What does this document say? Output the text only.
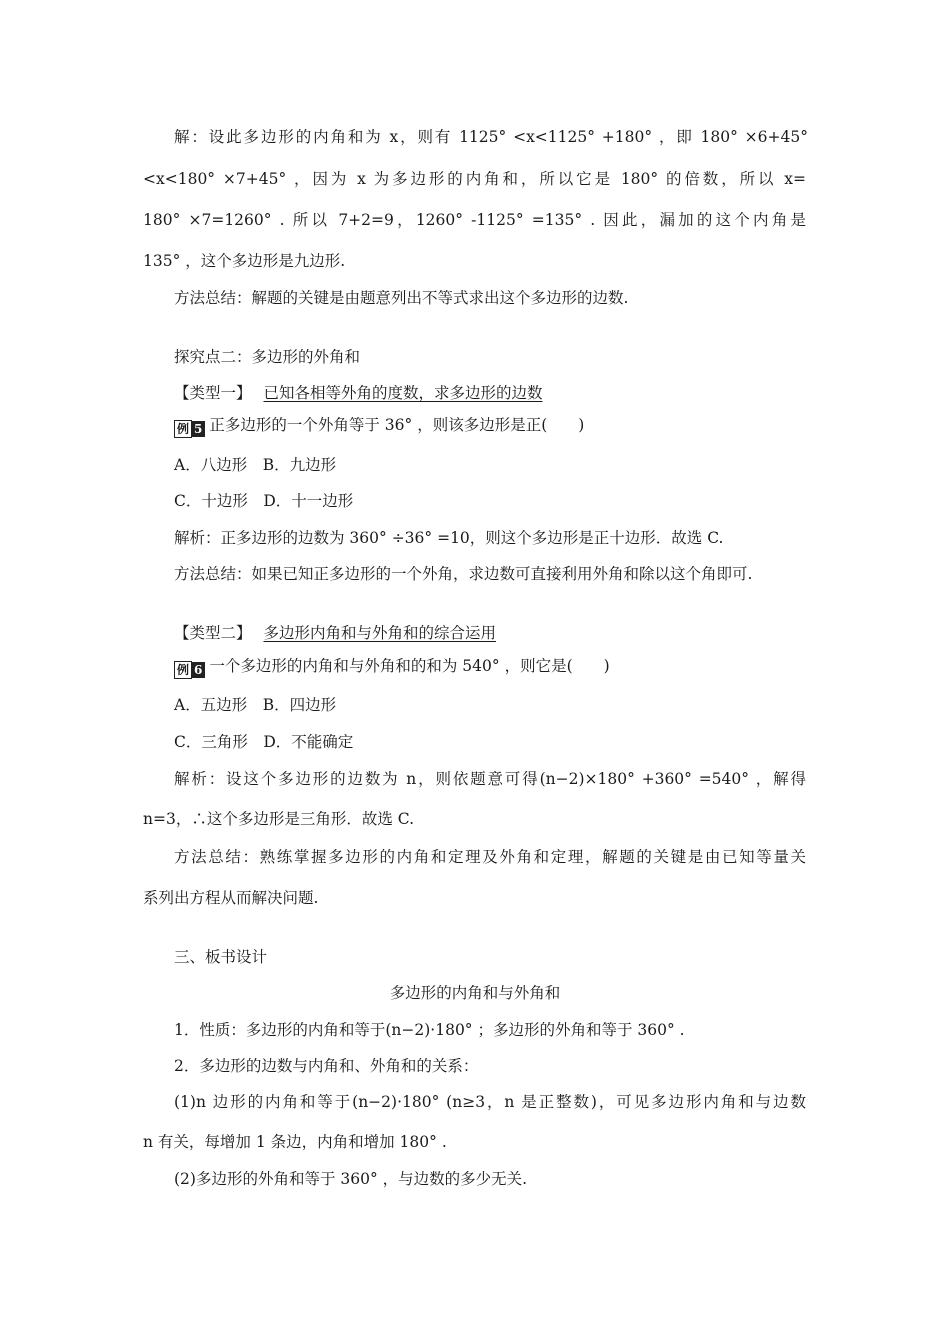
解：设此多边形的内角和为 x，则有 1125° <x<1125° +180° ，即 180° ×6+45°
<x<180° ×7+45° ，因为 x 为多边形的内角和，所以它是 180° 的倍数，所以 x=
180° ×7=1260° . 所以 7+2=9，1260° -1125° =135° . 因此，漏加的这个内角是
135° ，这个多边形是九边形.
方法总结：解题的关键是由题意列出不等式求出这个多边形的边数.
探究点二：多边形的外角和
【类型一】 已知各相等外角的度数，求多边形的边数
例 5 正多边形的一个外角等于 36° ，则该多边形是正(　　)
A．八边形　B．九边形
C．十边形　D．十一边形
解析：正多边形的边数为 360° ÷36° =10，则这个多边形是正十边形．故选 C.
方法总结：如果已知正多边形的一个外角，求边数可直接利用外角和除以这个角即可.
【类型二】 多边形内角和与外角和的综合运用
例 6 一个多边形的内角和与外角和的和为 540° ，则它是(　　)
A．五边形　B．四边形
C．三角形　D．不能确定
解析：设这个多边形的边数为 n，则依题意可得(n−2)×180° +360° =540° ，解得
n=3，∴这个多边形是三角形．故选 C.
方法总结：熟练掌握多边形的内角和定理及外角和定理，解题的关键是由已知等量关
系列出方程从而解决问题.
三、板书设计
多边形的内角和与外角和
1．性质：多边形的内角和等于(n−2)·180° ；多边形的外角和等于 360° .
2．多边形的边数与内角和、外角和的关系：
(1)n 边形的内角和等于(n−2)·180° (n≥3，n 是正整数)，可见多边形内角和与边数
n 有关，每增加 1 条边，内角和增加 180° .
(2)多边形的外角和等于 360° ，与边数的多少无关.
